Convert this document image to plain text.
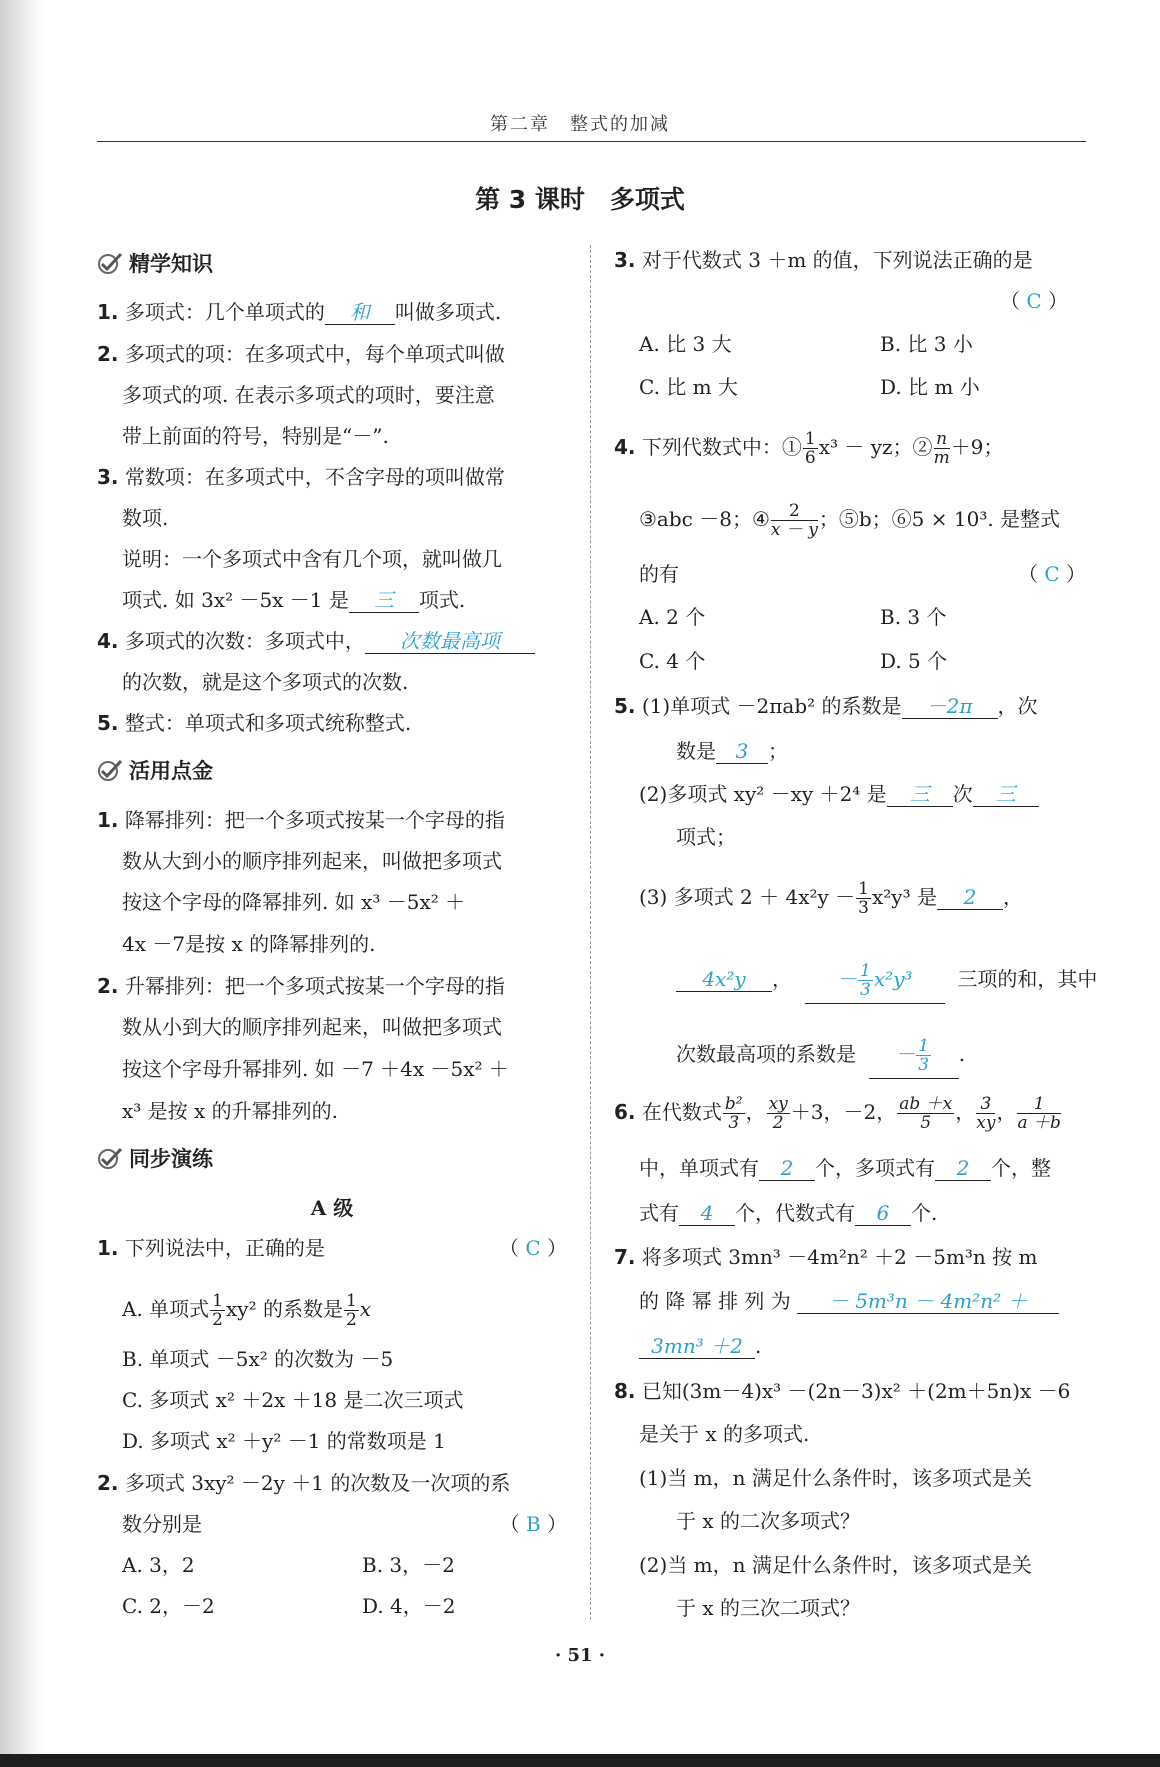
第二章　整式的加减
第 3 课时　多项式
精学知识
1. 多项式：几个单项式的 和 叫做多项式.
2. 多项式的项：在多项式中，每个单项式叫做
多项式的项. 在表示多项式的项时，要注意
带上前面的符号，特别是“－”.
3. 常数项：在多项式中，不含字母的项叫做常
数项.
说明：一个多项式中含有几个项，就叫做几
项式. 如 3x² －5x －1 是 三 项式.
4. 多项式的次数：多项式中， 次数最高项
的次数，就是这个多项式的次数.
5. 整式：单项式和多项式统称整式.
活用点金
1. 降幂排列：把一个多项式按某一个字母的指
数从大到小的顺序排列起来，叫做把多项式
按这个字母的降幂排列. 如 x³ －5x² ＋
4x －7是按 x 的降幂排列的.
2. 升幂排列：把一个多项式按某一个字母的指
数从小到大的顺序排列起来，叫做把多项式
按这个字母升幂排列. 如 －7 ＋4x －5x² ＋
x³ 是按 x 的升幂排列的.
同步演练
A 级
1. 下列说法中，正确的是	（ C ）
A. 单项式 $\frac{1}{2} xy^2$ 的系数是 $\frac{1}{2}$ x
B. 单项式 －5x² 的次数为 －5
C. 多项式 x² ＋2x ＋18 是二次三项式
D. 多项式 x² ＋y² －1 的常数项是 1
2. 多项式 3xy² －2y ＋1 的次数及一次项的系
数分别是	（ B ）
A. 3，2	B. 3，－2
C. 2，－2	D. 4，－2
3. 对于代数式 3 ＋m 的值，下列说法正确的是
（ C ）
A. 比 3 大	B. 比 3 小
C. 比 m 大	D. 比 m 小
4. 下列代数式中：① $\frac{1}{6} x^3$ － yz；② $\frac{n}{m} +9$；
③abc －8；④ $\frac{2}{x - y}$ ；⑤b；⑥5 × 10³. 是整式
的有	（ C ）
A. 2 个	B. 3 个
C. 4 个	D. 5 个
5. (1)单项式 －2πab² 的系数是 －2π ，次
数是 3 ；
(2)多项式 xy² －xy ＋2⁴ 是 三 次 三
项式；
(3) 多项式 $2 + 4x^2y - \frac{1}{3} x^2y^3$ 是 2 ，
4x²y ， － $\frac{1}{3} x^2y^3$ 三项的和，其中
次数最高项的系数是 － $\frac{1}{3}$ .
6. 在代数式 $\frac{\text{b²}}{3}$ ， $\frac{xy}{2} +3$，－2， $\frac{ab +x}{5}$ ， $\frac{3}{xy}$ ， $\frac{1}{a +b}$
中，单项式有 2 个，多项式有 2 个，整
式有 4 个，代数式有 6 个.
7. 将多项式 3mn³ －4m²n² ＋2 －5m³n 按 m
的 降 幂 排 列 为 － 5m³n － 4m²n² ＋
3mn³ ＋2 .
8. 已知(3m－4)x³ －(2n－3)x² ＋(2m＋5n)x －6
是关于 x 的多项式.
(1)当 m，n 满足什么条件时，该多项式是关
于 x 的二次多项式？
(2)当 m，n 满足什么条件时，该多项式是关
于 x 的三次二项式？
· 51 ·
